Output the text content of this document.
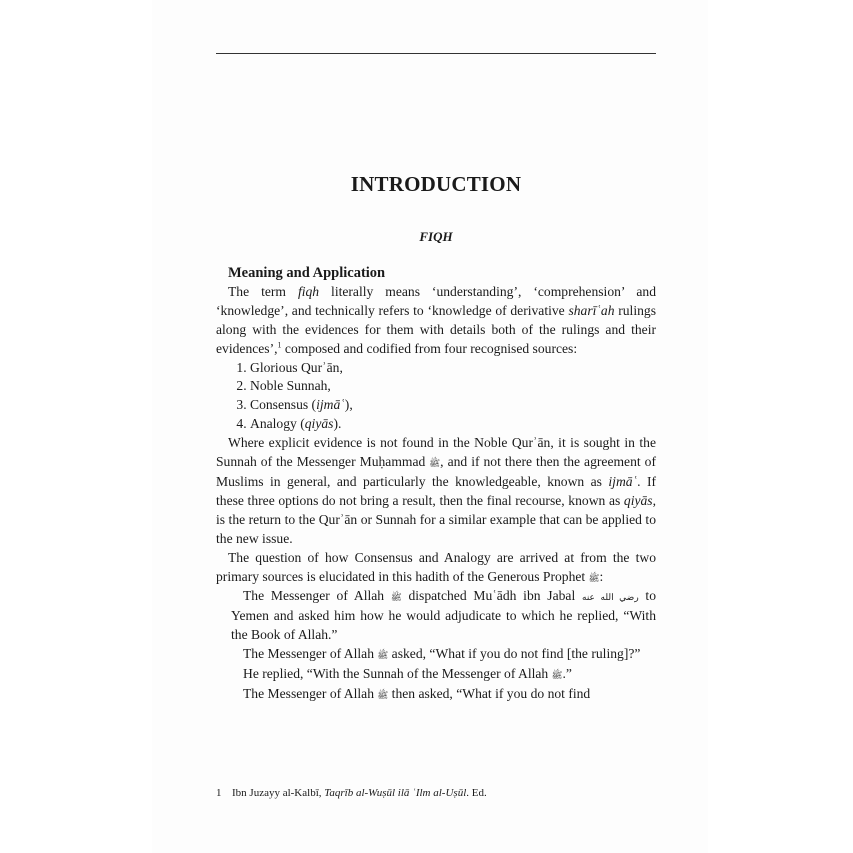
INTRODUCTION
FIQH

Meaning and Application

The term fiqh literally means ‘understanding’, ‘comprehension’ and ‘knowledge’, and technically refers to ‘knowledge of derivative sharīʿah rulings along with the evidences for them with details both of the rulings and their evidences’,$^1$ composed and codified from four recognised sources:

1. Glorious Qurʾān,
2. Noble Sunnah,
3. Consensus (ijmāʿ),
4. Analogy (qiyās).

Where explicit evidence is not found in the Noble Qurʾān, it is sought in the Sunnah of the Messenger Muḥammad ﷺ, and if not there then the agreement of Muslims in general, and particularly the knowledgeable, known as ijmāʿ. If these three options do not bring a result, then the final recourse, known as qiyās, is the return to the Qurʾān or Sunnah for a similar example that can be applied to the new issue.

The question of how Consensus and Analogy are arrived at from the two primary sources is elucidated in this hadith of the Generous Prophet ﷺ:

The Messenger of Allah ﷺ dispatched Muʿādh ibn Jabal رضي الله عنه to Yemen and asked him how he would adjudicate to which he replied, “With the Book of Allah.”

The Messenger of Allah ﷺ asked, “What if you do not find [the ruling]?”

He replied, “With the Sunnah of the Messenger of Allah ﷺ.”

The Messenger of Allah ﷺ then asked, “What if you do not find

1 Ibn Juzayy al-Kalbī, Taqrīb al-Wuṣūl ilā ʿIlm al-Uṣūl. Ed.
